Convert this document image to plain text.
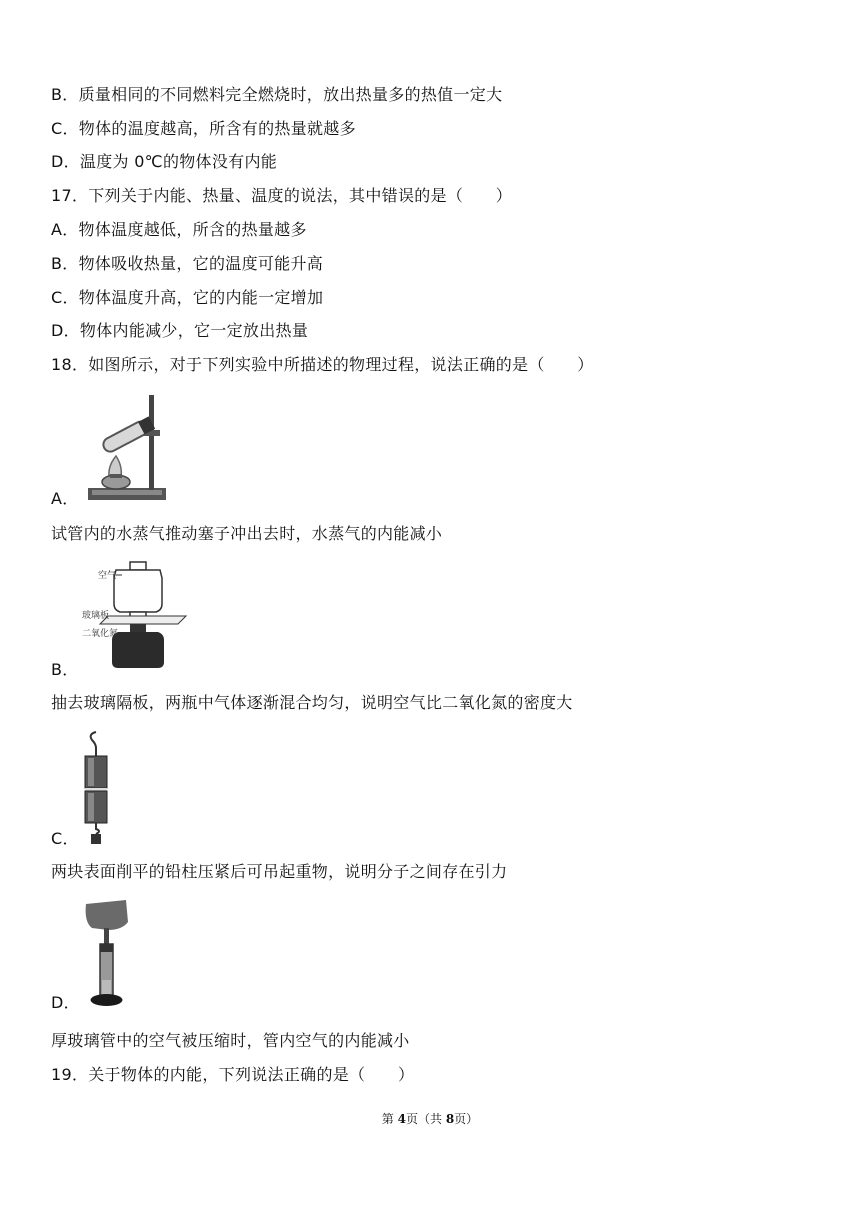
B．质量相同的不同燃料完全燃烧时，放出热量多的热值一定大
C．物体的温度越高，所含有的热量就越多
D．温度为 0℃的物体没有内能
17．下列关于内能、热量、温度的说法，其中错误的是（　　）
A．物体温度越低，所含的热量越多
B．物体吸收热量，它的温度可能升高
C．物体温度升高，它的内能一定增加
D．物体内能减少，它一定放出热量
18．如图所示，对于下列实验中所描述的物理过程，说法正确的是（　　）
A．
试管内的水蒸气推动塞子冲出去时，水蒸气的内能减小
空气
玻璃板
二氧化氮
B．
抽去玻璃隔板，两瓶中气体逐渐混合均匀，说明空气比二氧化氮的密度大
C．
两块表面削平的铅柱压紧后可吊起重物，说明分子之间存在引力
D．
厚玻璃管中的空气被压缩时，管内空气的内能减小
19．关于物体的内能，下列说法正确的是（　　）
第 4页（共 8页）
